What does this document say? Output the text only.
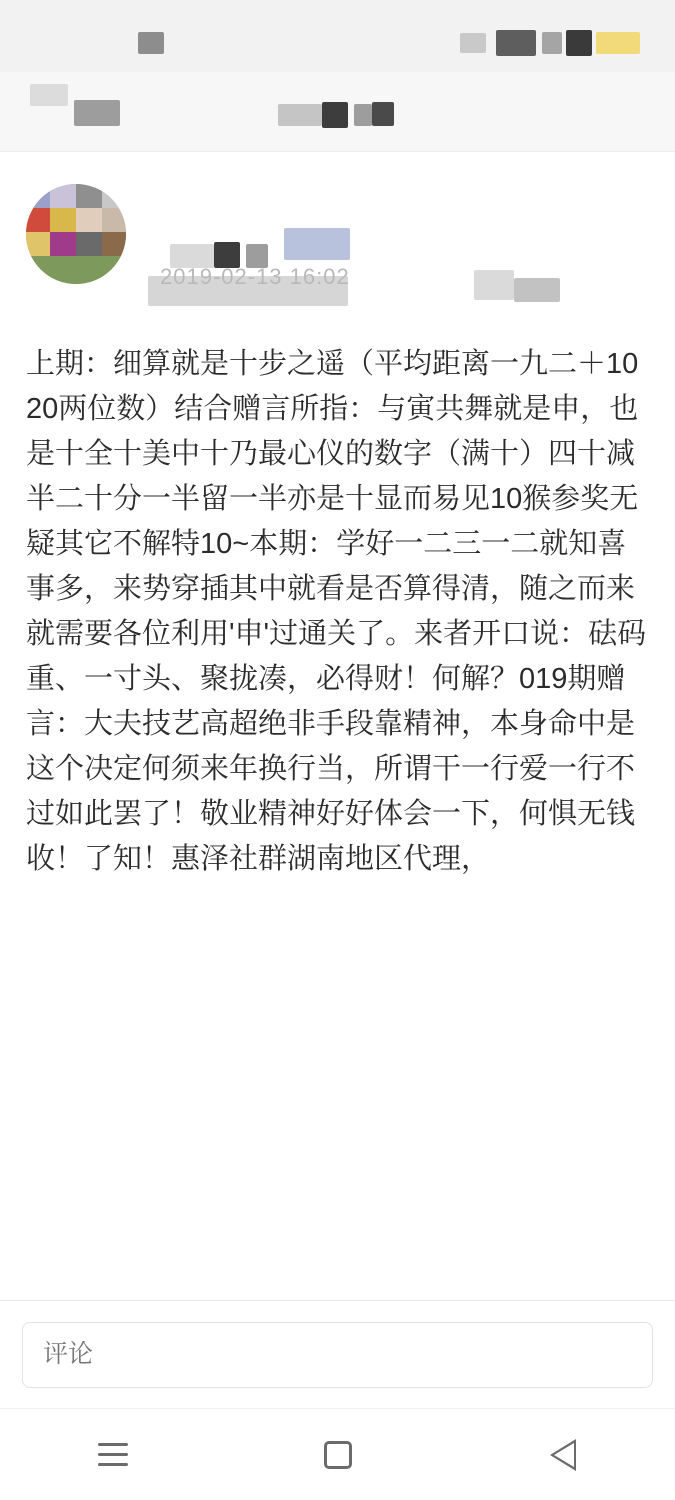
2019-02-13 16:02
上期：细算就是十步之遥（平均距离一九二＋1020两位数）结合赠言所指：与寅共舞就是申，也是十全十美中十乃最心仪的数字（满十）四十减半二十分一半留一半亦是十显而易见10猴参奖无疑其它不解特10~本期：学好一二三一二就知喜事多，来势穿插其中就看是否算得清，随之而来就需要各位利用'申'过通关了。来者开口说：砝码重、一寸头、聚拢凑，必得财！何解？019期赠言：大夫技艺高超绝非手段靠精神，本身命中是这个决定何须来年换行当，所谓干一行爱一行不过如此罢了！敬业精神好好体会一下，何惧无钱收！了知！惠泽社群湖南地区代理，
评论
